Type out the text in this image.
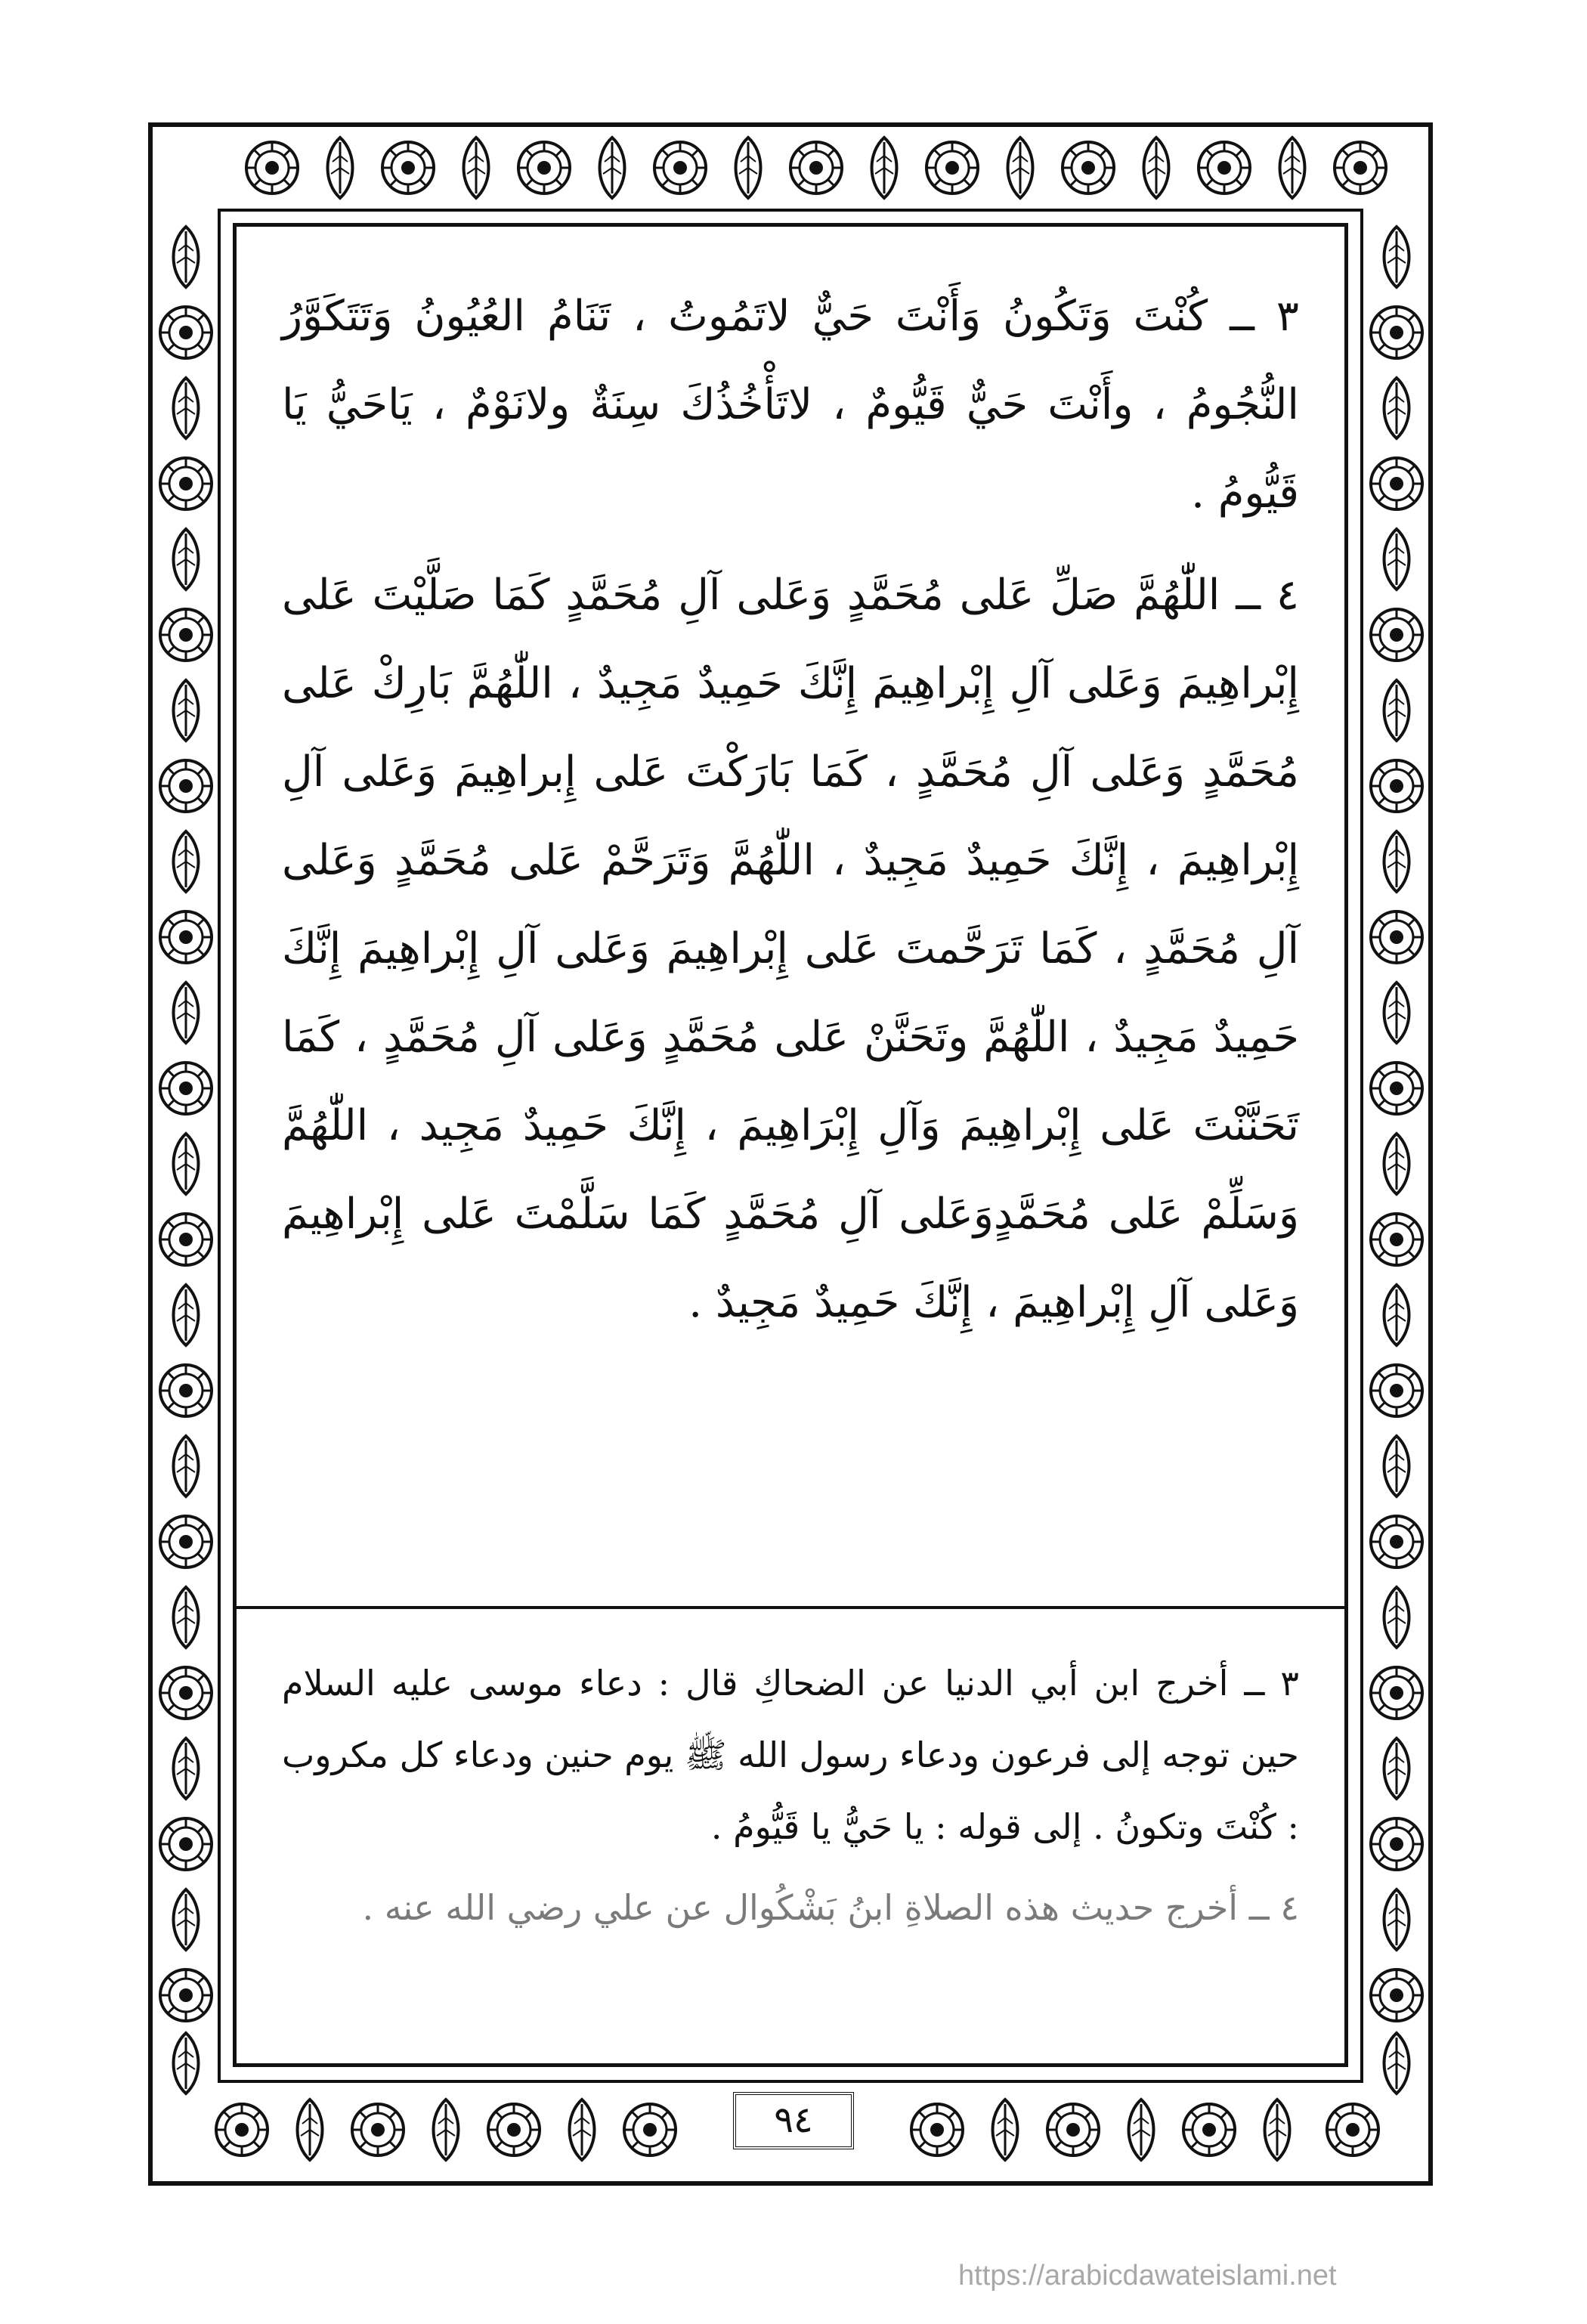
٣ ــ كُنْتَ وَتَكُونُ وَأَنْتَ حَيٌّ لاتَمُوتُ ، تَنَامُ العُيُونُ وَتَتَكَوَّرُ النُّجُومُ ، وأَنْتَ حَيٌّ قَيُّومٌ ، لاتَأْخُذُكَ سِنَةٌ ولانَوْمٌ ، يَاحَيُّ يَا قَيُّومُ .

٤ ــ اللّٰهُمَّ صَلِّ عَلى مُحَمَّدٍ وَعَلى آلِ مُحَمَّدٍ كَمَا صَلَّيْتَ عَلى إِبْراهِيمَ وَعَلى آلِ إِبْراهِيمَ إِنَّكَ حَمِيدٌ مَجِيدٌ ، اللّٰهُمَّ بَارِكْ عَلى مُحَمَّدٍ وَعَلى آلِ مُحَمَّدٍ ، كَمَا بَارَكْتَ عَلى إِبراهِيمَ وَعَلى آلِ إِبْراهِيمَ ، إِنَّكَ حَمِيدٌ مَجِيدٌ ، اللّٰهُمَّ وَتَرَحَّمْ عَلى مُحَمَّدٍ وَعَلى آلِ مُحَمَّدٍ ، كَمَا تَرَحَّمتَ عَلى إِبْراهِيمَ وَعَلى آلِ إِبْراهِيمَ إِنَّكَ حَمِيدٌ مَجِيدٌ ، اللّٰهُمَّ وتَحَنَّنْ عَلى مُحَمَّدٍ وَعَلى آلِ مُحَمَّدٍ ، كَمَا تَحَنَّنْتَ عَلى إِبْراهِيمَ وَآلِ إِبْرَاهِيمَ ، إِنَّكَ حَمِيدٌ مَجِيد ، اللّٰهُمَّ وَسَلِّمْ عَلى مُحَمَّدٍوَعَلى آلِ مُحَمَّدٍ كَمَا سَلَّمْتَ عَلى إِبْراهِيمَ وَعَلى آلِ إِبْراهِيمَ ، إِنَّكَ حَمِيدٌ مَجِيدٌ .

٣ ــ أخرج ابن أبي الدنيا عن الضحاكِ قال : دعاء موسى عليه السلام حين توجه إلى فرعون ودعاء رسول الله ﷺ يوم حنين ودعاء كل مكروب : كُنْتَ وتكونُ . إلى قوله : يا حَيُّ يا قَيُّومُ .

٤ ــ أخرج حديث هذه الصلاةِ ابنُ بَشْكُوال عن علي رضي الله عنه .

٩٤
https://arabicdawateislami.net
